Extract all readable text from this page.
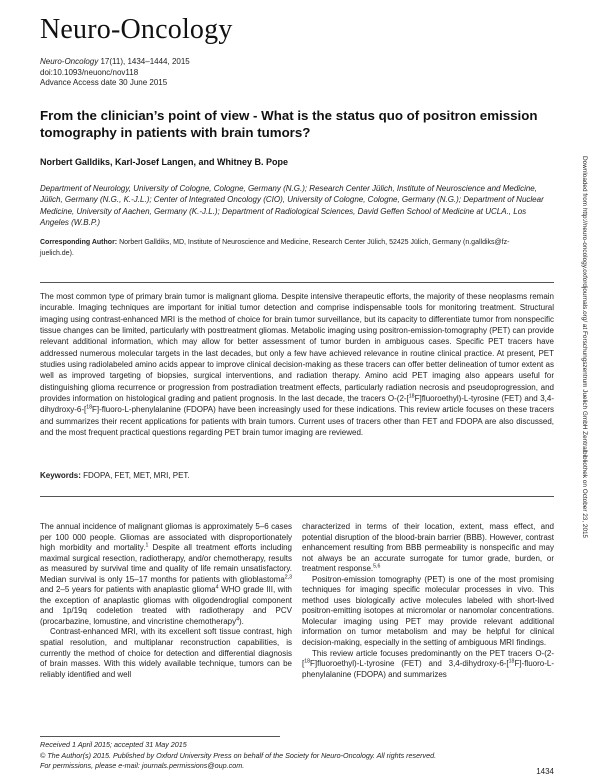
Neuro-Oncology
Neuro-Oncology 17(11), 1434–1444, 2015
doi:10.1093/neuonc/nov118
Advance Access date 30 June 2015
From the clinician’s point of view - What is the status quo of positron emission tomography in patients with brain tumors?
Norbert Galldiks, Karl-Josef Langen, and Whitney B. Pope
Department of Neurology, University of Cologne, Cologne, Germany (N.G.); Research Center Jülich, Institute of Neuroscience and Medicine, Jülich, Germany (N.G., K.-J.L.); Center of Integrated Oncology (CIO), University of Cologne, Cologne, Germany (N.G.); Department of Nuclear Medicine, University of Aachen, Germany (K.-J.L.); Department of Radiological Sciences, David Geffen School of Medicine at UCLA., Los Angeles (W.B.P.)
Corresponding Author: Norbert Galldiks, MD, Institute of Neuroscience and Medicine, Research Center Jülich, 52425 Jülich, Germany (n.galldiks@fz-juelich.de).	Downloaded from http://neuro-oncology.oxfordjournals.org/ at Forschungszentrum Juelich GmbH Zentralbibliothek on October 23, 2015
The most common type of primary brain tumor is malignant glioma. Despite intensive therapeutic efforts, the majority of these neoplasms remain incurable. Imaging techniques are important for initial tumor detection and comprise indispensable tools for monitoring treatment. Structural imaging using contrast-enhanced MRI is the method of choice for brain tumor surveillance, but its capacity to differentiate tumor from nonspecific tissue changes can be limited, particularly with posttreatment gliomas. Metabolic imaging using positron-emission-tomography (PET) can provide relevant additional information, which may allow for better assessment of tumor burden in ambiguous cases. Specific PET tracers have addressed numerous molecular targets in the last decades, but only a few have achieved relevance in routine clinical practice. At present, PET studies using radiolabeled amino acids appear to improve clinical decision-making as these tracers can offer better delineation of tumor extent as well as improved targeting of biopsies, surgical interventions, and radiation therapy. Amino acid PET imaging also appears useful for distinguishing glioma recurrence or progression from postradiation treatment effects, particularly radiation necrosis and pseudoprogression, and provides information on histological grading and patient prognosis. In the last decade, the tracers O-(2-[$^{18}$F]fluoroethyl)-L-tyrosine (FET) and 3,4-dihydroxy-6-[$^{18}$F]-fluoro-L-phenylalanine (FDOPA) have been increasingly used for these indications. This review article focuses on these tracers and summarizes their recent applications for patients with brain tumors. Current uses of tracers other than FET and FDOPA are also discussed, and the most frequent practical questions regarding PET brain tumor imaging are reviewed.
Keywords: FDOPA, FET, MET, MRI, PET.

The annual incidence of malignant gliomas is approximately 5–6 cases per 100 000 people. Gliomas are associated with disproportionately high morbidity and mortality.$^1$ Despite all treatment efforts including maximal surgical resection, radiotherapy, and/or chemotherapy, results as measured by survival time and quality of life remain unsatisfactory. Median survival is only 15–17 months for patients with glioblastoma$^{2,3}$ and 2–5 years for patients with anaplastic glioma$^4$ WHO grade III, with the exception of anaplastic gliomas with oligodendroglial component and 1p/19q codeletion treated with radiotherapy and PCV (procarbazine, lomustine, and vincristine chemotherapy$^4$).

Contrast-enhanced MRI, with its excellent soft tissue contrast, high spatial resolution, and multiplanar reconstruction capabilities, is currently the method of choice for detection and differential diagnosis of brain masses. With this widely available technique, tumors can be reliably identified and well

characterized in terms of their location, extent, mass effect, and potential disruption of the blood-brain barrier (BBB). However, contrast enhancement resulting from BBB permeability is nonspecific and may not always be an accurate surrogate for tumor grade, burden, or treatment response.$^{5,6}$

Positron-emission tomography (PET) is one of the most promising techniques for imaging specific molecular processes in vivo. This method uses biologically active molecules labeled with short-lived positron-emitting isotopes at micromolar or nanomolar concentrations. Molecular imaging using PET may provide relevant additional information on tumor metabolism and may be helpful for clinical decision-making, especially in the setting of ambiguous MRI findings.

This review article focuses predominantly on the PET tracers O-(2-[$^{18}$F]fluoroethyl)-L-tyrosine (FET) and 3,4-dihydroxy-6-[$^{18}$F]-fluoro-L-phenylalanine (FDOPA) and summarizes

Received 1 April 2015; accepted 31 May 2015
© The Author(s) 2015. Published by Oxford University Press on behalf of the Society for Neuro-Oncology. All rights reserved.
For permissions, please e-mail: journals.permissions@oup.com.
1434
